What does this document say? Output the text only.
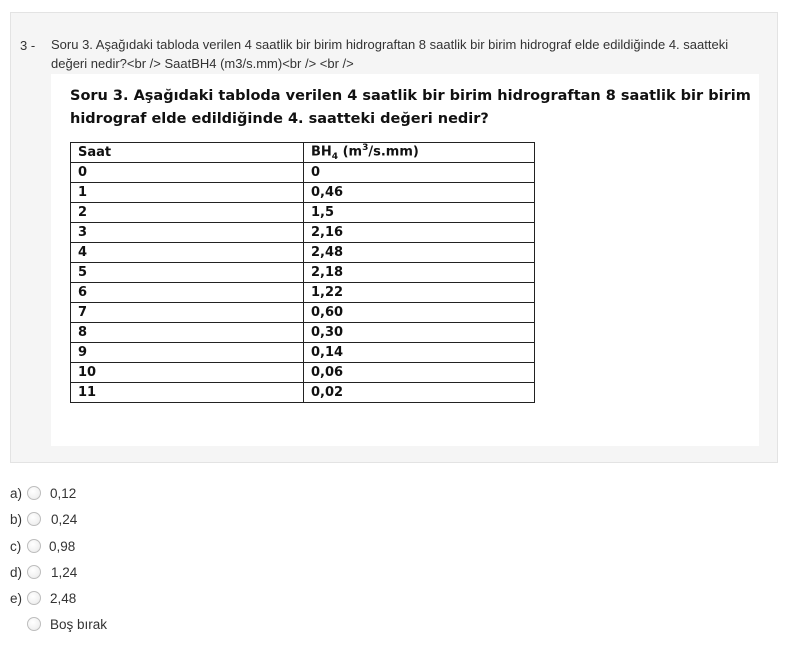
3 - Soru 3. Aşağıdaki tabloda verilen 4 saatlik bir birim hidrograftan 8 saatlik bir birim hidrograf elde edildiğinde 4. saatteki değeri nedir?<br /> SaatBH4 (m3/s.mm)<br /> <br />
Soru 3. Aşağıdaki tabloda verilen 4 saatlik bir birim hidrograftan 8 saatlik bir birim hidrograf elde edildiğinde 4. saatteki değeri nedir?
Saat	$BH_4$ $(m^3/s.mm)$
0	0
1	0,46
2	1,5
3	2,16
4	2,48
5	2,18
6	1,22
7	0,60
8	0,30
9	0,14
10	0,06
11	0,02
a) 0,12
b) 0,24
c) 0,98
d) 1,24
e) 2,48
Boş bırak
